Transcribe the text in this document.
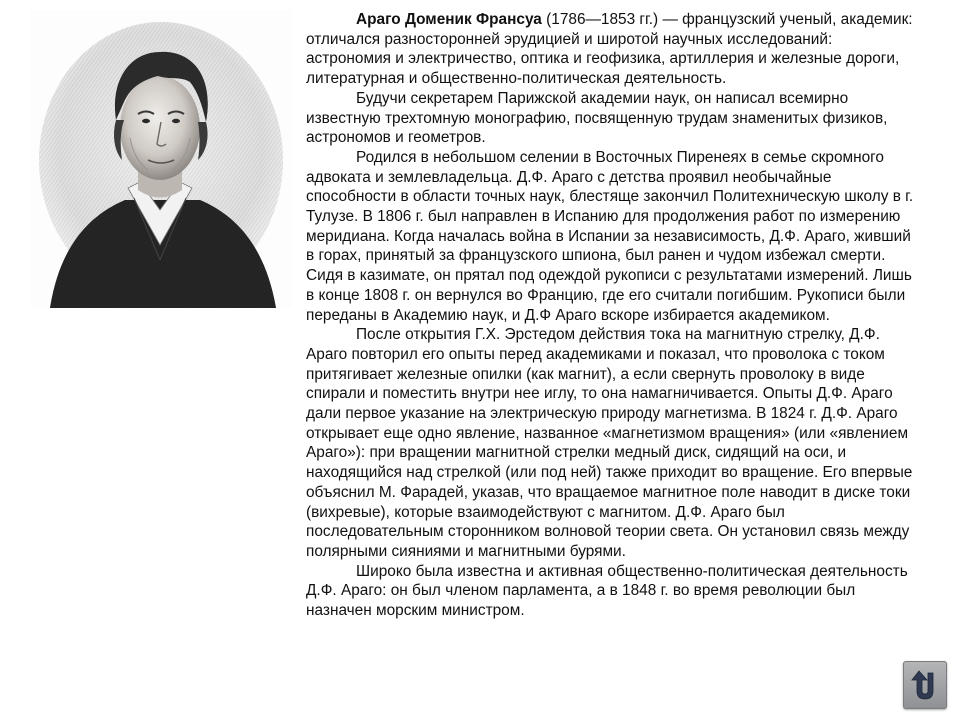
Араго Доменик Франсуа (1786—1853 гг.) — французский ученый, академик: отличался разносторонней эрудицией и широтой научных исследований: астрономия и электричество, оптика и геофизика, артиллерия и железные дороги, литературная и общественно-политическая деятельность.

Будучи секретарем Парижской академии наук, он написал всемирно известную трехтомную монографию, посвященную трудам знаменитых физиков, астрономов и геометров.

Родился в небольшом селении в Восточных Пиренеях в семье скромного адвоката и землевладельца. Д.Ф. Араго с детства проявил необычайные способности в области точных наук, блестяще закончил Политехническую школу в г. Тулузе. В 1806 г. был направлен в Испанию для продолжения работ по измерению меридиана. Когда началась война в Испании за независимость, Д.Ф. Араго, живший в горах, принятый за французского шпиона, был ранен и чудом избежал смерти. Сидя в казимате, он прятал под одеждой рукописи с результатами измерений. Лишь в конце 1808 г. он вернулся во Францию, где его считали погибшим. Рукописи были переданы в Академию наук, и Д.Ф Араго вскоре избирается академиком.

После открытия Г.Х. Эрстедом действия тока на магнитную стрелку, Д.Ф. Араго повторил его опыты перед академиками и показал, что проволока с током притягивает железные опилки (как магнит), а если свернуть проволоку в виде спирали и поместить внутри нее иглу, то она намагничивается. Опыты Д.Ф. Араго дали первое указание на электрическую природу магнетизма. В 1824 г. Д.Ф. Араго открывает еще одно явление, названное «магнетизмом вращения» (или «явлением Араго»): при вращении магнитной стрелки медный диск, сидящий на оси, и находящийся над стрелкой (или под ней) также приходит во вращение. Его впервые объяснил М. Фарадей, указав, что вращаемое магнитное поле наводит в диске токи (вихревые), которые взаимодействуют с магнитом. Д.Ф. Араго был последовательным сторонником волновой теории света. Он установил связь между полярными сияниями и магнитными бурями.

Широко была известна и активная общественно-политическая деятельность Д.Ф. Араго: он был членом парламента, а в 1848 г. во время революции был назначен морским министром.
